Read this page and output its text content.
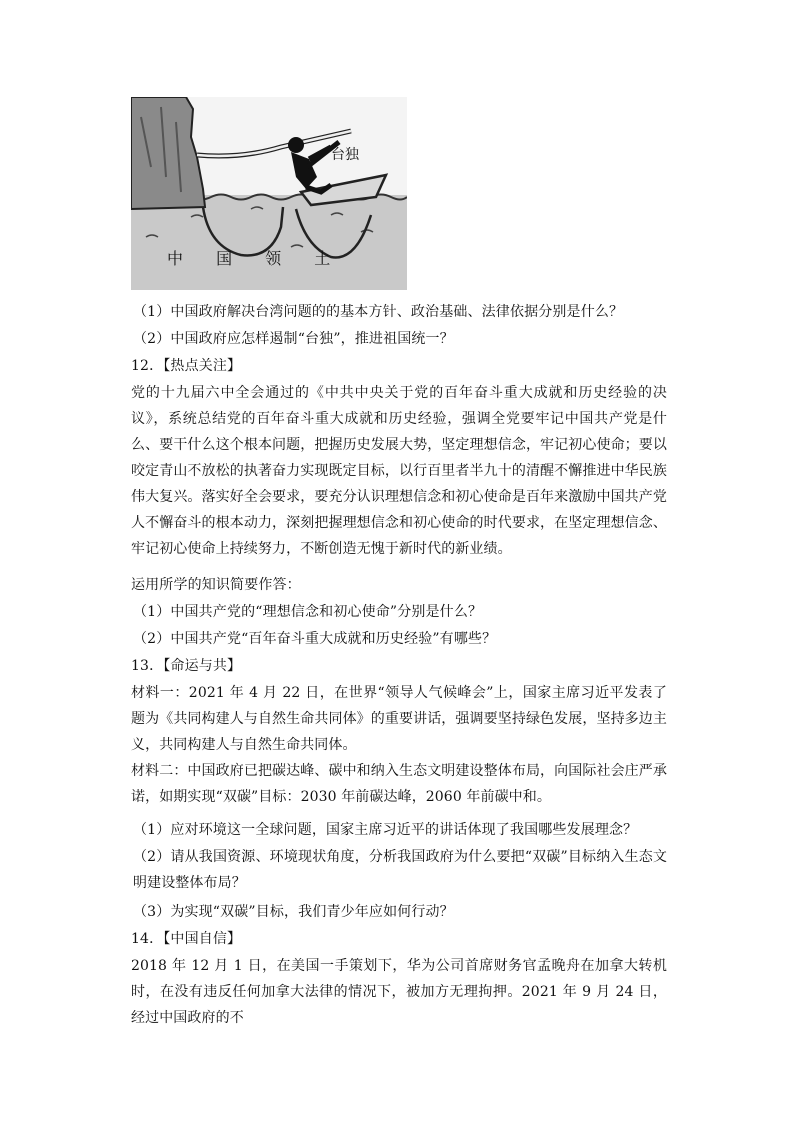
台独
中 国 领 土
（1）中国政府解决台湾问题的的基本方针、政治基础、法律依据分别是什么？
（2）中国政府应怎样遏制“台独”，推进祖国统一？
12．【热点关注】
党的十九届六中全会通过的《中共中央关于党的百年奋斗重大成就和历史经验的决议》，系统总结党的百年奋斗重大成就和历史经验，强调全党要牢记中国共产党是什么、要干什么这个根本问题，把握历史发展大势，坚定理想信念，牢记初心使命；要以咬定青山不放松的执著奋力实现既定目标，以行百里者半九十的清醒不懈推进中华民族伟大复兴。落实好全会要求，要充分认识理想信念和初心使命是百年来激励中国共产党人不懈奋斗的根本动力，深刻把握理想信念和初心使命的时代要求，在坚定理想信念、牢记初心使命上持续努力，不断创造无愧于新时代的新业绩。
运用所学的知识简要作答：
（1）中国共产党的“理想信念和初心使命”分别是什么？
（2）中国共产党“百年奋斗重大成就和历史经验”有哪些？
13．【命运与共】
材料一：2021 年 4 月 22 日，在世界“领导人气候峰会”上，国家主席习近平发表了题为《共同构建人与自然生命共同体》的重要讲话，强调要坚持绿色发展，坚持多边主义，共同构建人与自然生命共同体。
材料二：中国政府已把碳达峰、碳中和纳入生态文明建设整体布局，向国际社会庄严承诺，如期实现“双碳”目标：2030 年前碳达峰，2060 年前碳中和。
（1）应对环境这一全球问题，国家主席习近平的讲话体现了我国哪些发展理念？
（2）请从我国资源、环境现状角度，分析我国政府为什么要把“双碳”目标纳入生态文明建设整体布局？
（3）为实现“双碳”目标，我们青少年应如何行动？
14．【中国自信】
2018 年 12 月 1 日，在美国一手策划下，华为公司首席财务官孟晚舟在加拿大转机时，在没有违反任何加拿大法律的情况下，被加方无理拘押。2021 年 9 月 24 日，经过中国政府的不
